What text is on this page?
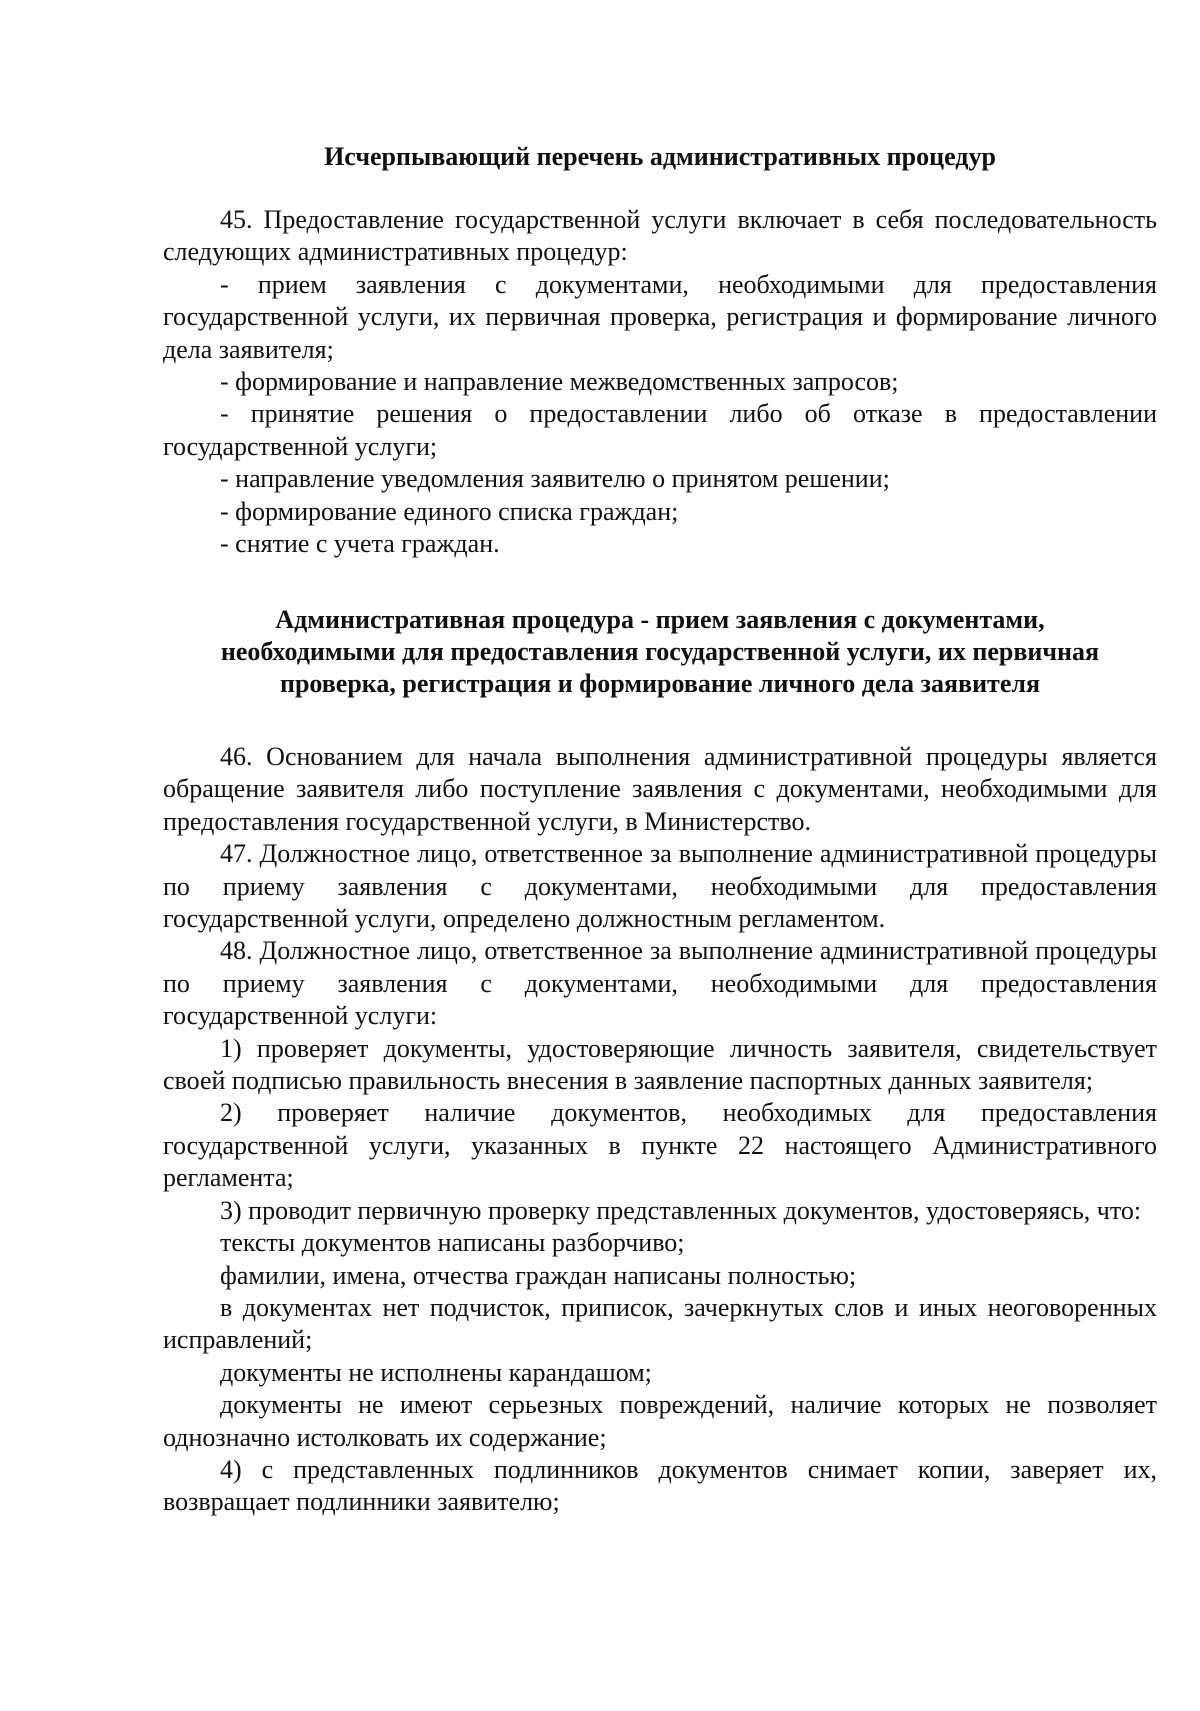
Исчерпывающий перечень административных процедур

45. Предоставление государственной услуги включает в себя последовательность следующих административных процедур:

- прием заявления с документами, необходимыми для предоставления государственной услуги, их первичная проверка, регистрация и формирование личного дела заявителя;

- формирование и направление межведомственных запросов;

- принятие решения о предоставлении либо об отказе в предоставлении государственной услуги;

- направление уведомления заявителю о принятом решении;

- формирование единого списка граждан;

- снятие с учета граждан.

Административная процедура - прием заявления с документами,
необходимыми для предоставления государственной услуги, их первичная
проверка, регистрация и формирование личного дела заявителя

46. Основанием для начала выполнения административной процедуры является обращение заявителя либо поступление заявления с документами, необходимыми для предоставления государственной услуги, в Министерство.

47. Должностное лицо, ответственное за выполнение административной процедуры по приему заявления с документами, необходимыми для предоставления государственной услуги, определено должностным регламентом.

48. Должностное лицо, ответственное за выполнение административной процедуры по приему заявления с документами, необходимыми для предоставления государственной услуги:

1) проверяет документы, удостоверяющие личность заявителя, свидетельствует своей подписью правильность внесения в заявление паспортных данных заявителя;

2) проверяет наличие документов, необходимых для предоставления государственной услуги, указанных в пункте 22 настоящего Административного регламента;

3) проводит первичную проверку представленных документов, удостоверяясь, что:

тексты документов написаны разборчиво;

фамилии, имена, отчества граждан написаны полностью;

в документах нет подчисток, приписок, зачеркнутых слов и иных неоговоренных исправлений;

документы не исполнены карандашом;

документы не имеют серьезных повреждений, наличие которых не позволяет однозначно истолковать их содержание;

4) с представленных подлинников документов снимает копии, заверяет их, возвращает подлинники заявителю;
